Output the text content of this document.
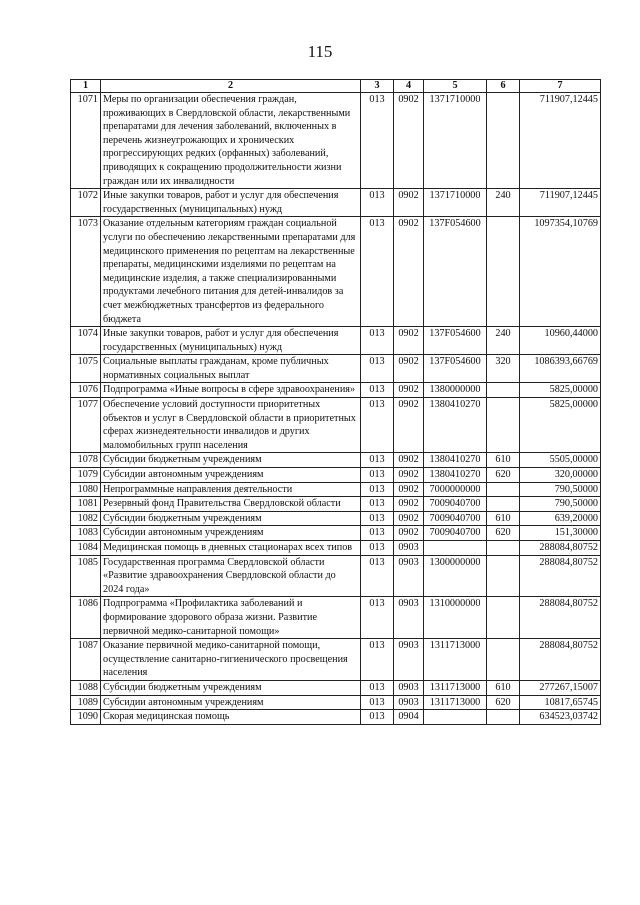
115
1	2	3	4	5	6	7
1071	Меры по организации обеспечения граждан, проживающих в Свердловской области, лекарственными препаратами для лечения заболеваний, включенных в перечень жизнеугрожающих и хронических прогрессирующих редких (орфанных) заболеваний, приводящих к сокращению продолжительности жизни граждан или их инвалидности	013	0902	1371710000		711907,12445
1072	Иные закупки товаров, работ и услуг для обеспечения государственных (муниципальных) нужд	013	0902	1371710000	240	711907,12445
1073	Оказание отдельным категориям граждан социальной услуги по обеспечению лекарственными препаратами для медицинского применения по рецептам на лекарственные препараты, медицинскими изделиями по рецептам на медицинские изделия, а также специализированными продуктами лечебного питания для детей-инвалидов за счет межбюджетных трансфертов из федерального бюджета	013	0902	137F054600		1097354,10769
1074	Иные закупки товаров, работ и услуг для обеспечения государственных (муниципальных) нужд	013	0902	137F054600	240	10960,44000
1075	Социальные выплаты гражданам, кроме публичных нормативных социальных выплат	013	0902	137F054600	320	1086393,66769
1076	Подпрограмма «Иные вопросы в сфере здравоохранения»	013	0902	1380000000		5825,00000
1077	Обеспечение условий доступности приоритетных объектов и услуг в Свердловской области в приоритетных сферах жизнедеятельности инвалидов и других маломобильных групп населения	013	0902	1380410270		5825,00000
1078	Субсидии бюджетным учреждениям	013	0902	1380410270	610	5505,00000
1079	Субсидии автономным учреждениям	013	0902	1380410270	620	320,00000
1080	Непрограммные направления деятельности	013	0902	7000000000		790,50000
1081	Резервный фонд Правительства Свердловской области	013	0902	7009040700		790,50000
1082	Субсидии бюджетным учреждениям	013	0902	7009040700	610	639,20000
1083	Субсидии автономным учреждениям	013	0902	7009040700	620	151,30000
1084	Медицинская помощь в дневных стационарах всех типов	013	0903			288084,80752
1085	Государственная программа Свердловской области «Развитие здравоохранения Свердловской области до 2024 года»	013	0903	1300000000		288084,80752
1086	Подпрограмма «Профилактика заболеваний и формирование здорового образа жизни. Развитие первичной медико-санитарной помощи»	013	0903	1310000000		288084,80752
1087	Оказание первичной медико-санитарной помощи, осуществление санитарно-гигиенического просвещения населения	013	0903	1311713000		288084,80752
1088	Субсидии бюджетным учреждениям	013	0903	1311713000	610	277267,15007
1089	Субсидии автономным учреждениям	013	0903	1311713000	620	10817,65745
1090	Скорая медицинская помощь	013	0904			634523,03742
